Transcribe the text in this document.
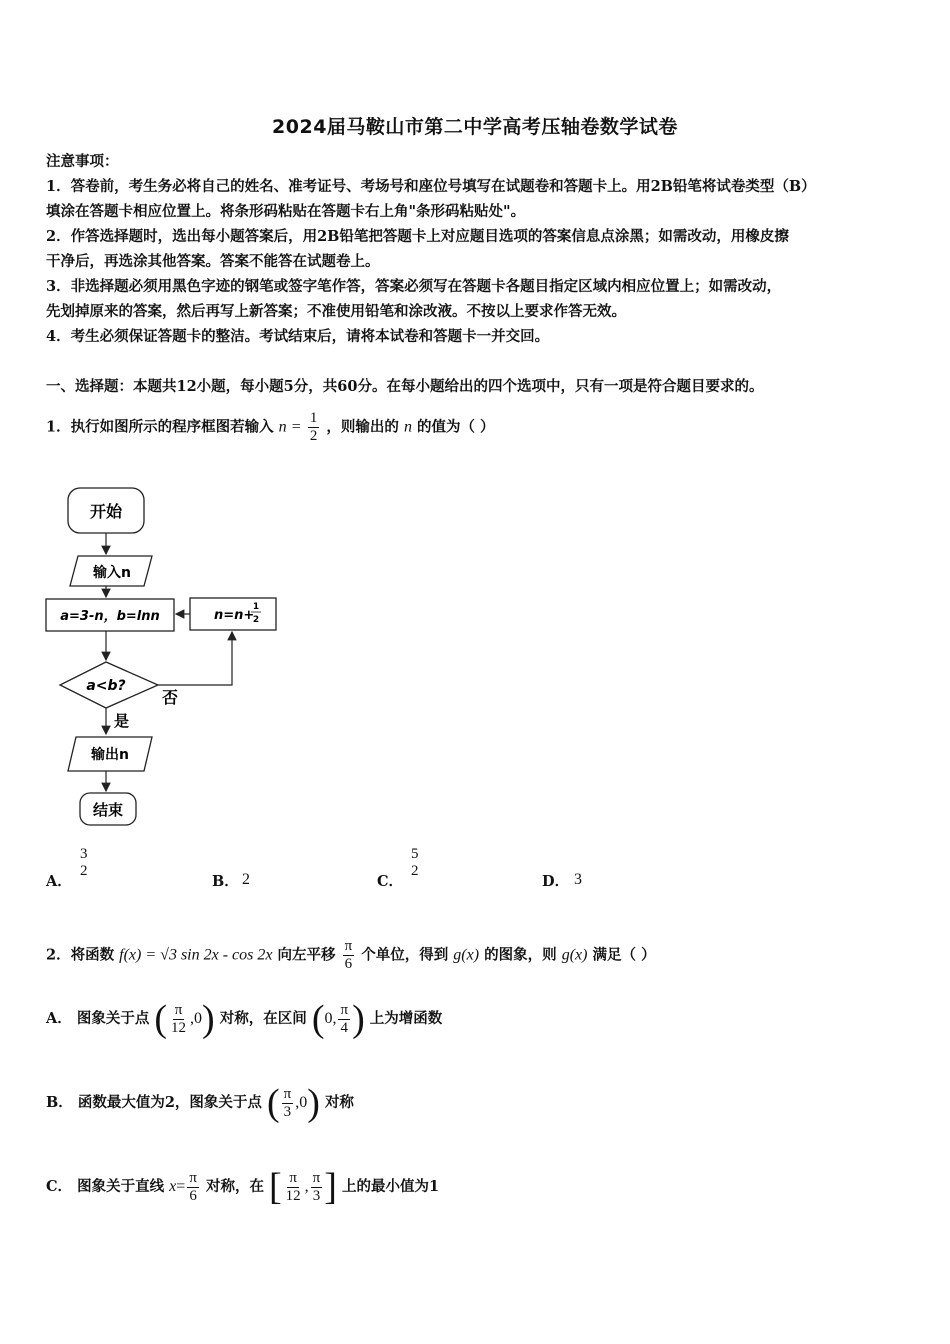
2024届马鞍山市第二中学高考压轴卷数学试卷
注意事项：
1．答卷前，考生务必将自己的姓名、准考证号、考场号和座位号填写在试题卷和答题卡上。用2B铅笔将试卷类型（B）
填涂在答题卡相应位置上。将条形码粘贴在答题卡右上角"条形码粘贴处"。
2．作答选择题时，选出每小题答案后，用2B铅笔把答题卡上对应题目选项的答案信息点涂黑；如需改动，用橡皮擦
干净后，再选涂其他答案。答案不能答在试题卷上。
3．非选择题必须用黑色字迹的钢笔或签字笔作答，答案必须写在答题卡各题目指定区域内相应位置上；如需改动，
先划掉原来的答案，然后再写上新答案；不准使用铅笔和涂改液。不按以上要求作答无效。
4．考生必须保证答题卡的整洁。考试结束后，请将本试卷和答题卡一并交回。
一、选择题：本题共12小题，每小题5分，共60分。在每小题给出的四个选项中，只有一项是符合题目要求的。
1．执行如图所示的程序框图若输入 $n = \frac{1}{2}$ ，则输出的 n 的值为（ ）
开始
输入n
a=3-n，b=lnn	n=n+
1
2
a<b?
否
是
输出n
结束
A．
3
2
B． 2	C．
5
2
D． 3
2．将函数 f(x) = √3 sin 2x - cos 2x 向左平移 $\frac{\pi}{6}$ 个单位，得到 g(x) 的图象，则 g(x) 满足（ ）
A． 图象关于点 ( $\frac{\pi}{12} ,0$) 对称，在区间 (0, $\frac{\pi}{4}$ ) 上为增函数
B． 函数最大值为2，图象关于点 ( $\frac{\pi}{3} ,0$) 对称
C． 图象关于直线 $x= \frac{\pi}{6}$ 对称，在 [ $\frac{\pi}{12}$ , $\frac{\pi}{3}$ ] 上的最小值为1
